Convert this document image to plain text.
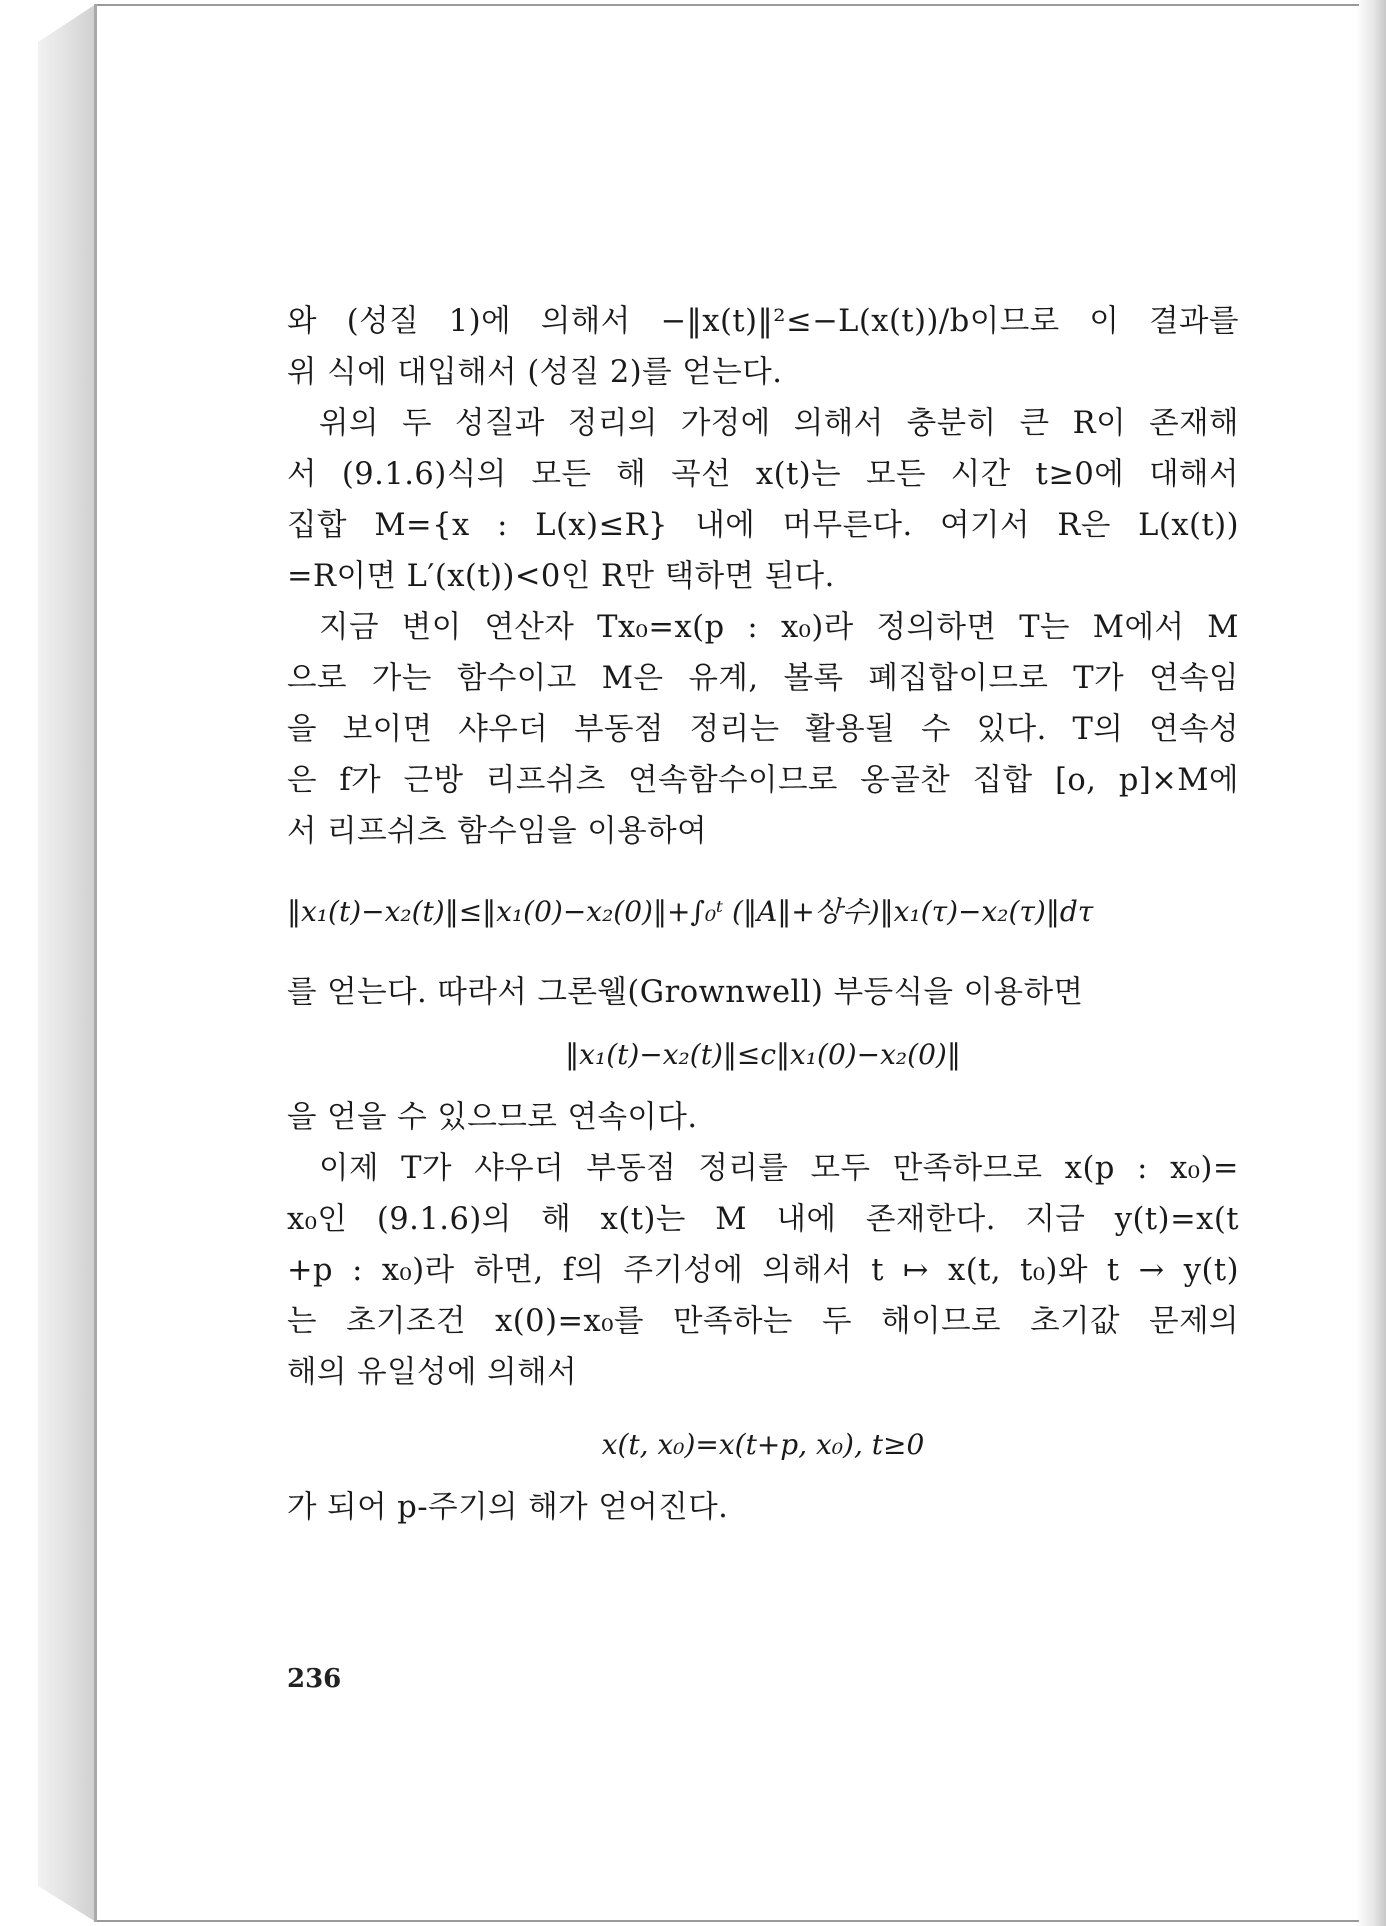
와 (성질 1)에 의해서 −‖x(t)‖²≤−L(x(t))/b이므로 이 결과를
위 식에 대입해서 (성질 2)를 얻는다.
위의 두 성질과 정리의 가정에 의해서 충분히 큰 R이 존재해
서 (9.1.6)식의 모든 해 곡선 x(t)는 모든 시간 t≥0에 대해서
집합 M={x : L(x)≤R} 내에 머무른다. 여기서 R은 L(x(t))
=R이면 L′(x(t))<0인 R만 택하면 된다.
지금 변이 연산자 Tx₀=x(p : x₀)라 정의하면 T는 M에서 M
으로 가는 함수이고 M은 유계, 볼록 폐집합이므로 T가 연속임
을 보이면 샤우더 부동점 정리는 활용될 수 있다. T의 연속성
은 f가 근방 리프쉬츠 연속함수이므로 옹골찬 집합 [o, p]×M에
서 리프쉬츠 함수임을 이용하여
‖x₁(t)−x₂(t)‖≤‖x₁(0)−x₂(0)‖+∫₀ᵗ (‖A‖+상수)‖x₁(τ)−x₂(τ)‖dτ
를 얻는다. 따라서 그론웰(Grownwell) 부등식을 이용하면
‖x₁(t)−x₂(t)‖≤c‖x₁(0)−x₂(0)‖
을 얻을 수 있으므로 연속이다.
이제 T가 샤우더 부동점 정리를 모두 만족하므로 x(p : x₀)=
x₀인 (9.1.6)의 해 x(t)는 M 내에 존재한다. 지금 y(t)=x(t
+p : x₀)라 하면, f의 주기성에 의해서 t ↦ x(t, t₀)와 t → y(t)
는 초기조건 x(0)=x₀를 만족하는 두 해이므로 초기값 문제의
해의 유일성에 의해서
x(t, x₀)=x(t+p, x₀), t≥0
가 되어 p-주기의 해가 얻어진다.
236
